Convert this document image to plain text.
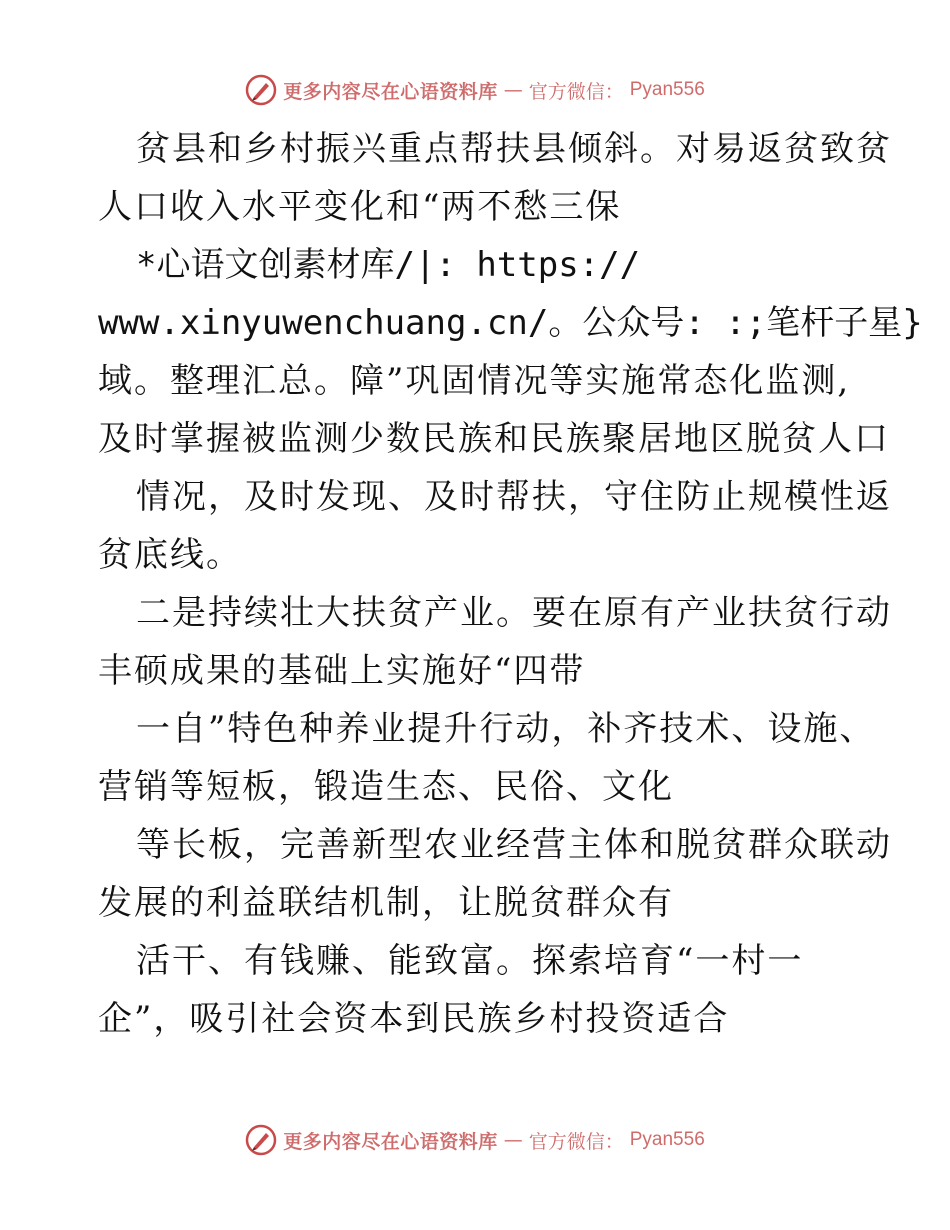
更多内容尽在心语资料库 — 官方微信： Pyan556
贫县和乡村振兴重点帮扶县倾斜。对易返贫致贫
人口收入水平变化和“两不愁三保
*心语文创素材库/|: https://
www.xinyuwenchuang.cn/。公众号: :;笔杆子星}
域。整理汇总。障”巩固情况等实施常态化监测,
及时掌握被监测少数民族和民族聚居地区脱贫人口
情况，及时发现、及时帮扶，守住防止规模性返
贫底线。
二是持续壮大扶贫产业。要在原有产业扶贫行动
丰硕成果的基础上实施好“四带
一自”特色种养业提升行动，补齐技术、设施、
营销等短板，锻造生态、民俗、文化
等长板，完善新型农业经营主体和脱贫群众联动
发展的利益联结机制，让脱贫群众有
活干、有钱赚、能致富。探索培育“一村一
企”，吸引社会资本到民族乡村投资适合
更多内容尽在心语资料库 — 官方微信： Pyan556
